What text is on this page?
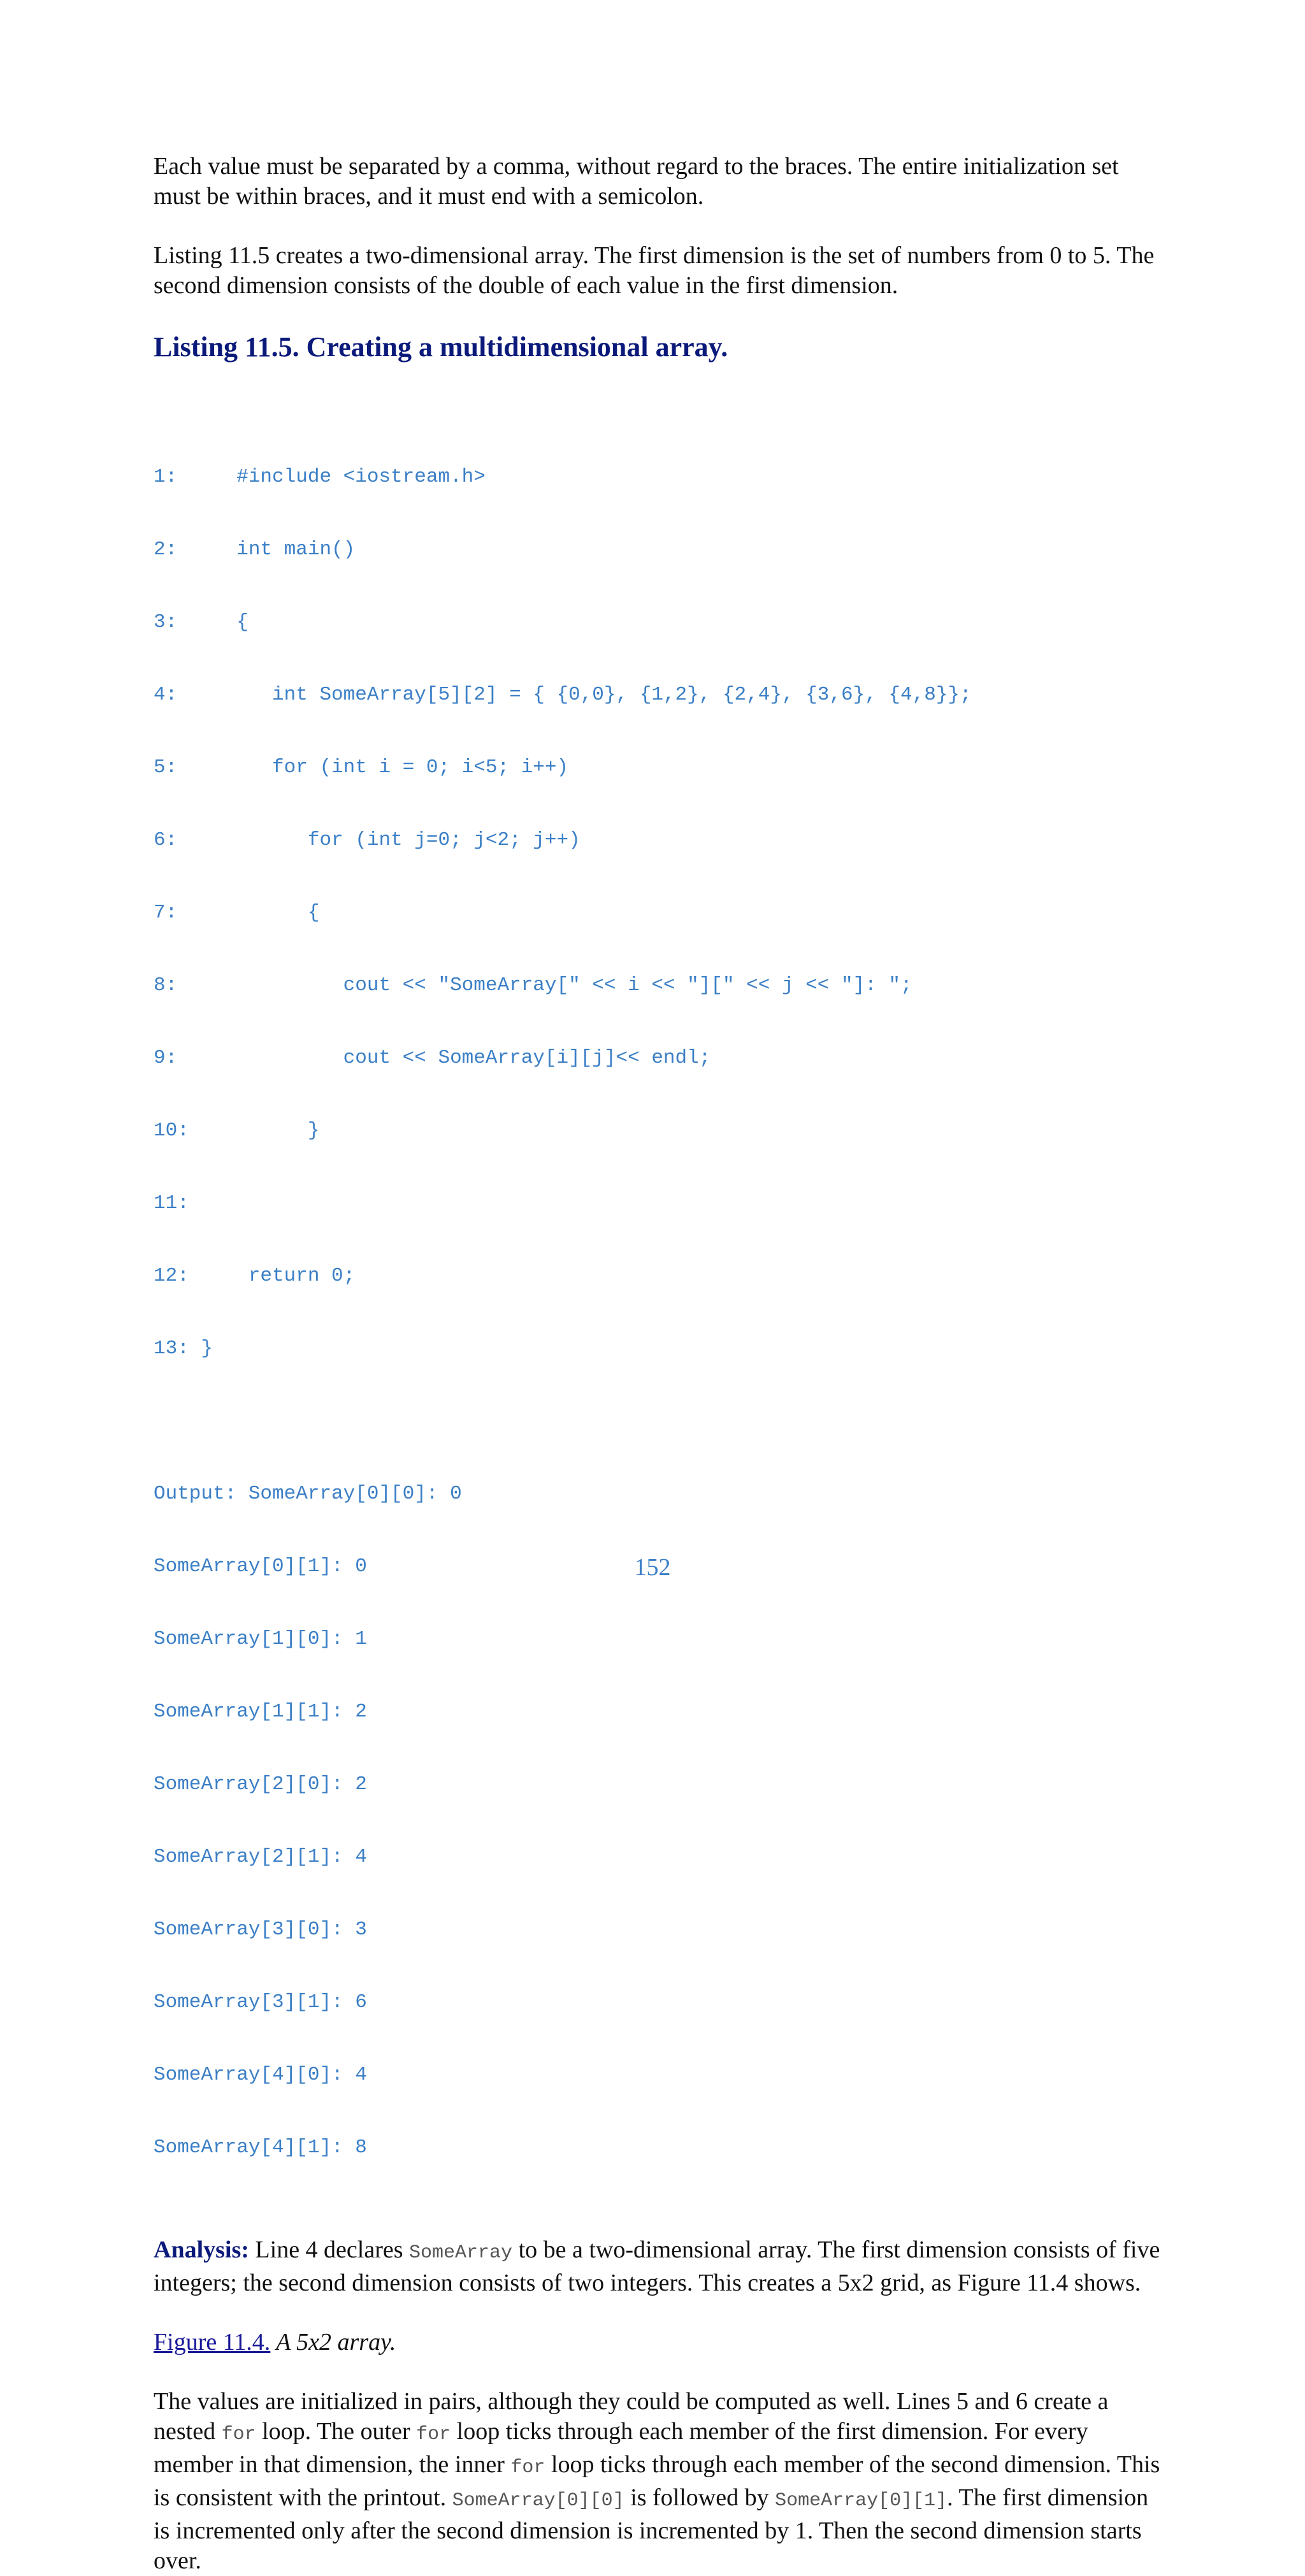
Each value must be separated by a comma, without regard to the braces. The entire initialization set must be within braces, and it must end with a semicolon.

Listing 11.5 creates a two-dimensional array. The first dimension is the set of numbers from 0 to 5. The second dimension consists of the double of each value in the first dimension.

Listing 11.5. Creating a multidimensional array.

1:     #include <iostream.h>

2:     int main()

3:     {

4:        int SomeArray[5][2] = { {0,0}, {1,2}, {2,4}, {3,6}, {4,8}};

5:        for (int i = 0; i<5; i++)

6:           for (int j=0; j<2; j++)

7:           {

8:              cout << "SomeArray[" << i << "][" << j << "]: ";

9:              cout << SomeArray[i][j]<< endl;

10:          }

11:

12:     return 0;

13: }

Output: SomeArray[0][0]: 0

SomeArray[0][1]: 0

SomeArray[1][0]: 1

SomeArray[1][1]: 2

SomeArray[2][0]: 2

SomeArray[2][1]: 4

SomeArray[3][0]: 3

SomeArray[3][1]: 6

SomeArray[4][0]: 4

SomeArray[4][1]: 8

Analysis: Line 4 declares SomeArray to be a two-dimensional array. The first dimension consists of five integers; the second dimension consists of two integers. This creates a 5x2 grid, as Figure 11.4 shows.

Figure 11.4. A 5x2 array.

The values are initialized in pairs, although they could be computed as well. Lines 5 and 6 create a nested for loop. The outer for loop ticks through each member of the first dimension. For every member in that dimension, the inner for loop ticks through each member of the second dimension. This is consistent with the printout. SomeArray[0][0] is followed by SomeArray[0][1]. The first dimension is incremented only after the second dimension is incremented by 1. Then the second dimension starts over.

152
